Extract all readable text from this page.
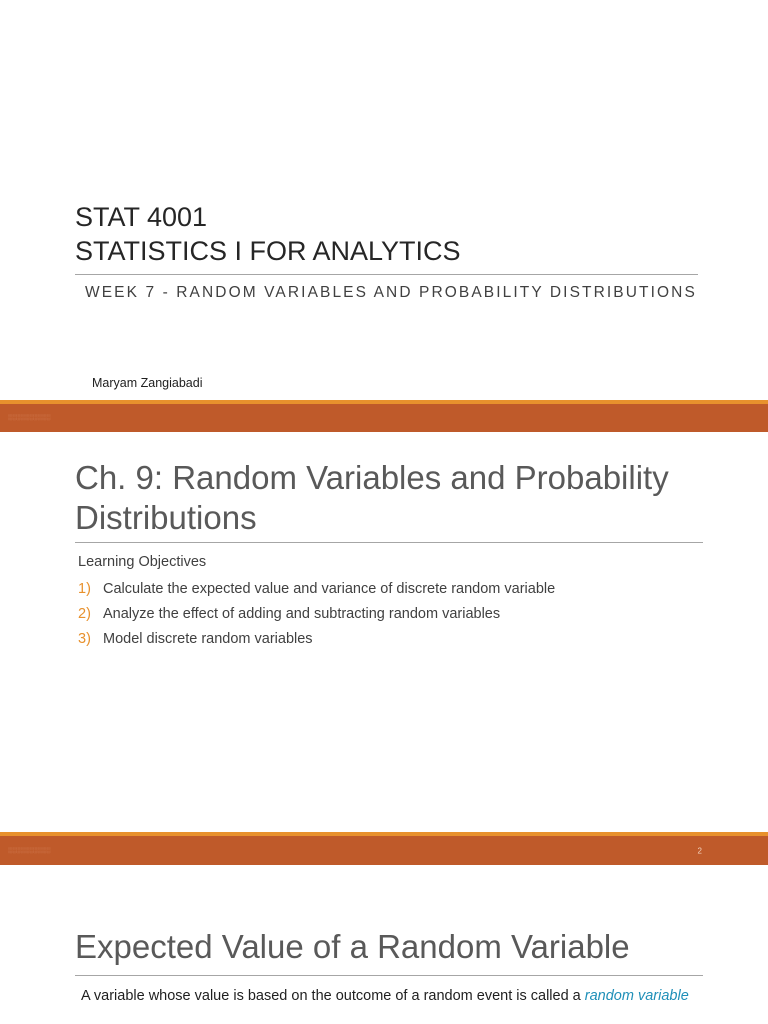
STAT 4001
STATISTICS I FOR ANALYTICS
WEEK 7 - RANDOM VARIABLES AND PROBABILITY DISTRIBUTIONS
Maryam Zangiabadi
░░░░░░░░░░
Ch. 9: Random Variables and Probability Distributions
Learning Objectives
1) Calculate the expected value and variance of discrete random variable
2) Analyze the effect of adding and subtracting random variables
3) Model discrete random variables
░░░░░░░░░░	2
Expected Value of a Random Variable
A variable whose value is based on the outcome of a random event is called a random variable
